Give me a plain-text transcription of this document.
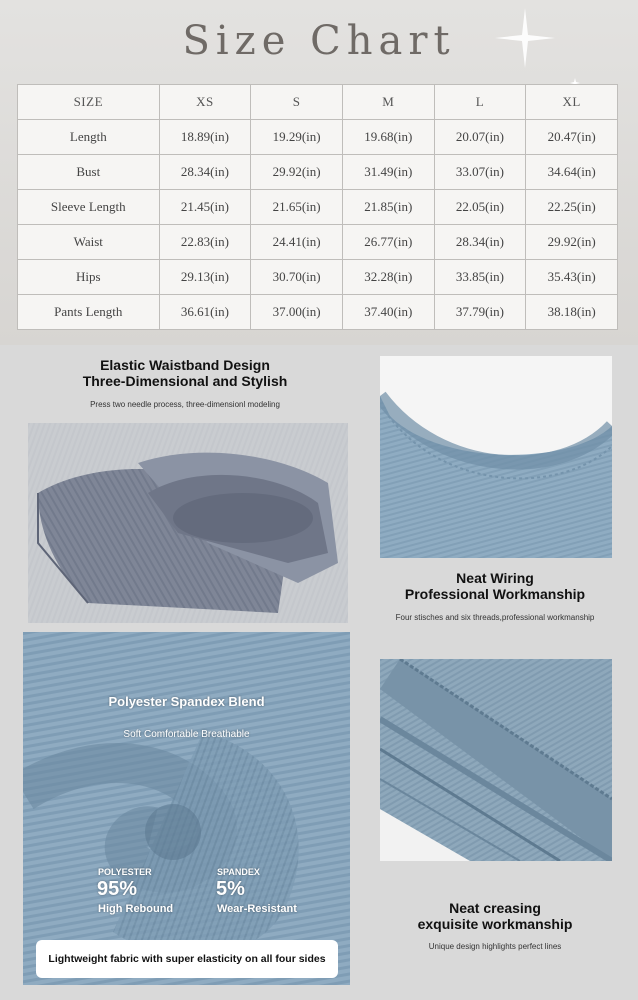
Size Chart
SIZE	XS	S	M	L	XL
Length	18.89(in)	19.29(in)	19.68(in)	20.07(in)	20.47(in)
Bust	28.34(in)	29.92(in)	31.49(in)	33.07(in)	34.64(in)
Sleeve Length	21.45(in)	21.65(in)	21.85(in)	22.05(in)	22.25(in)
Waist	22.83(in)	24.41(in)	26.77(in)	28.34(in)	29.92(in)
Hips	29.13(in)	30.70(in)	32.28(in)	33.85(in)	35.43(in)
Pants Length	36.61(in)	37.00(in)	37.40(in)	37.79(in)	38.18(in)
Elastic Waistband Design
Three-Dimensional and Stylish
Press two needle process, three-dimensionl modeling
Neat Wiring
Professional Workmanship
Four stisches and six threads,professional workmanship
Polyester Spandex Blend
Soft Comfortable Breathable
POLYESTER
95%
High Rebound
SPANDEX
5%
Wear-Resistant
Lightweight fabric with super elasticity on all four sides
Neat creasing
exquisite workmanship
Unique design highlights perfect lines
